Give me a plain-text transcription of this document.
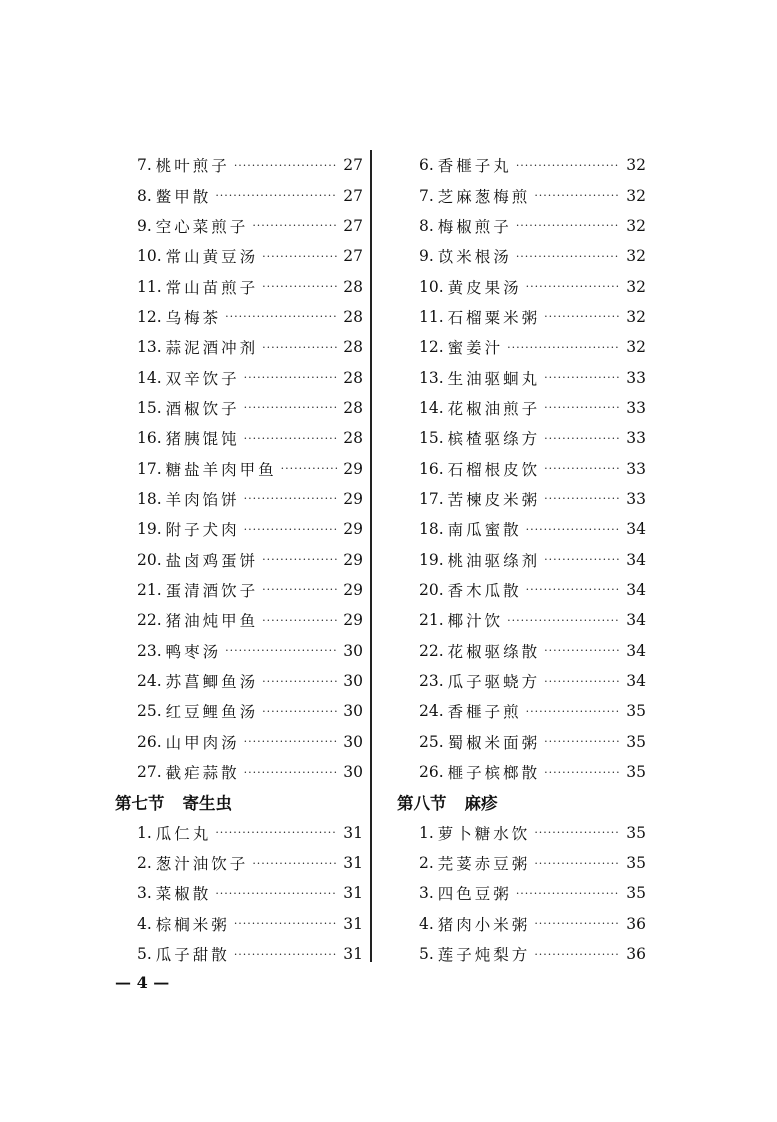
7. 桃叶煎子 ·····	27
8. 鳖甲散 ·····	27
9. 空心菜煎子 ·····	27
10. 常山黄豆汤 ·····	27
11. 常山苗煎子 ·····	28
12. 乌梅茶 ·····	28
13. 蒜泥酒冲剂 ·····	28
14. 双辛饮子 ·····	28
15. 酒椒饮子 ·····	28
16. 猪胰馄饨 ·····	28
17. 糖盐羊肉甲鱼 ·····	29
18. 羊肉馅饼 ·····	29
19. 附子犬肉 ·····	29
20. 盐卤鸡蛋饼 ·····	29
21. 蛋清酒饮子 ·····	29
22. 猪油炖甲鱼 ·····	29
23. 鸭枣汤 ·····	30
24. 苏菖鲫鱼汤 ·····	30
25. 红豆鲤鱼汤 ·····	30
26. 山甲肉汤 ·····	30
27. 截疟蒜散 ·····	30
第七节 寄生虫
1. 瓜仁丸 ·····	31
2. 葱汁油饮子 ·····	31
3. 菜椒散 ·····	31
4. 棕榈米粥 ·····	31
5. 瓜子甜散 ·····	31
6. 香榧子丸 ·····	32
7. 芝麻葱梅煎 ·····	32
8. 梅椒煎子 ·····	32
9. 苡米根汤 ·····	32
10. 黄皮果汤 ·····	32
11. 石榴粟米粥 ·····	32
12. 蜜姜汁 ·····	32
13. 生油驱蛔丸 ·····	33
14. 花椒油煎子 ·····	33
15. 槟楂驱绦方 ·····	33
16. 石榴根皮饮 ·····	33
17. 苦楝皮米粥 ·····	33
18. 南瓜蜜散 ·····	34
19. 桃油驱绦剂 ·····	34
20. 香木瓜散 ·····	34
21. 椰汁饮 ·····	34
22. 花椒驱绦散 ·····	34
23. 瓜子驱蛲方 ·····	34
24. 香榧子煎 ·····	35
25. 蜀椒米面粥 ·····	35
26. 榧子槟榔散 ·····	35
第八节 麻疹
1. 萝卜糖水饮 ·····	35
2. 芫荽赤豆粥 ·····	35
3. 四色豆粥 ·····	35
4. 猪肉小米粥 ·····	36
5. 莲子炖梨方 ·····	36
— 4 —
